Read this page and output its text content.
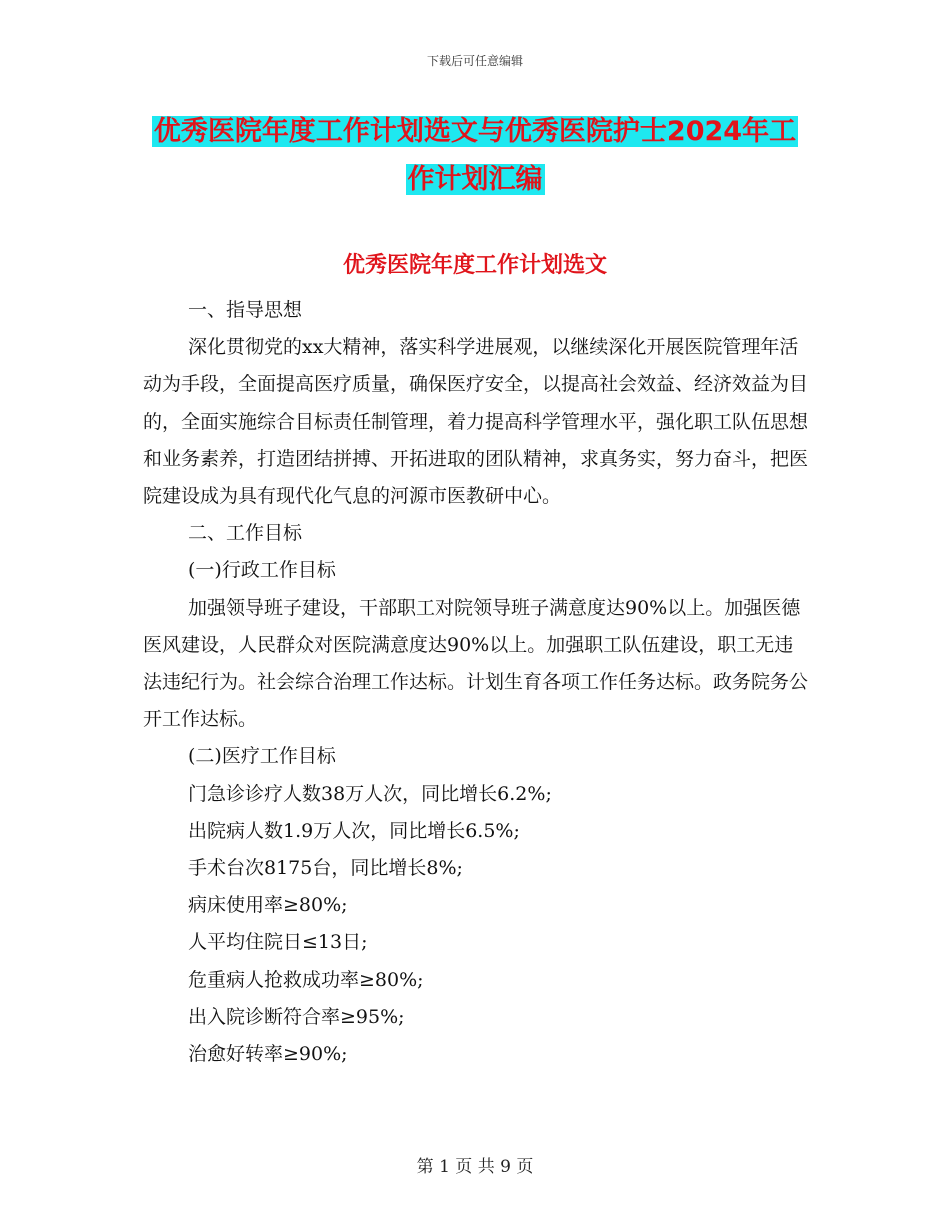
下载后可任意编辑
优秀医院年度工作计划选文与优秀医院护士2024年工
作计划汇编
优秀医院年度工作计划选文

一、指导思想

深化贯彻党的xx大精神，落实科学进展观，以继续深化开展医院管理年活动为手段，全面提高医疗质量，确保医疗安全，以提高社会效益、经济效益为目的，全面实施综合目标责任制管理，着力提高科学管理水平，强化职工队伍思想和业务素养，打造团结拼搏、开拓进取的团队精神，求真务实，努力奋斗，把医院建设成为具有现代化气息的河源市医教研中心。

二、工作目标

(一)行政工作目标

加强领导班子建设，干部职工对院领导班子满意度达90%以上。加强医德医风建设，人民群众对医院满意度达90%以上。加强职工队伍建设，职工无违法违纪行为。社会综合治理工作达标。计划生育各项工作任务达标。政务院务公开工作达标。

(二)医疗工作目标

门急诊诊疗人数38万人次，同比增长6.2%;
出院病人数1.9万人次，同比增长6.5%;
手术台次8175台，同比增长8%;
病床使用率≥80%;
人平均住院日≤13日;
危重病人抢救成功率≥80%;
出入院诊断符合率≥95%;
治愈好转率≥90%;
第 1 页 共 9 页
